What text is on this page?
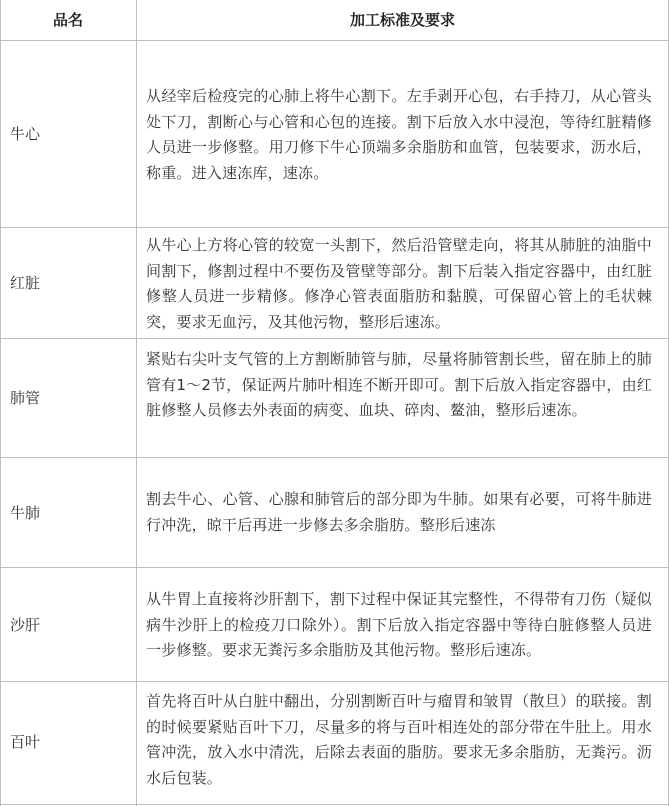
品名	加工标准及要求
牛心
从经宰后检疫完的心肺上将牛心割下。左手剥开心包，右手持刀，从心管头处下刀，割断心与心管和心包的连接。割下后放入水中浸泡，等待红脏精修人员进一步修整。用刀修下牛心顶端多余脂肪和血管，包装要求，沥水后，称重。进入速冻库，速冻。
红脏
从牛心上方将心管的较宽一头割下，然后沿管壁走向，将其从肺脏的油脂中间割下，修割过程中不要伤及管壁等部分。割下后装入指定容器中，由红脏修整人员进一步精修。修净心管表面脂肪和黏膜，可保留心管上的毛状棘突，要求无血污，及其他污物，整形后速冻。
肺管
紧贴右尖叶支气管的上方割断肺管与肺，尽量将肺管割长些，留在肺上的肺管有1～2节，保证两片肺叶相连不断开即可。割下后放入指定容器中，由红脏修整人员修去外表面的病变、血块、碎肉、鳌油，整形后速冻。
牛肺
割去牛心、心管、心腺和肺管后的部分即为牛肺。如果有必要，可将牛肺进行冲洗，晾干后再进一步修去多余脂肪。整形后速冻
沙肝
从牛胃上直接将沙肝割下，割下过程中保证其完整性，不得带有刀伤（疑似病牛沙肝上的检疫刀口除外）。割下后放入指定容器中等待白脏修整人员进一步修整。要求无粪污多余脂肪及其他污物。整形后速冻。
百叶
首先将百叶从白脏中翻出，分别割断百叶与瘤胃和皱胃（散旦）的联接。割的时候要紧贴百叶下刀，尽量多的将与百叶相连处的部分带在牛肚上。用水管冲洗，放入水中清洗，后除去表面的脂肪。要求无多余脂肪，无粪污。沥水后包装。
